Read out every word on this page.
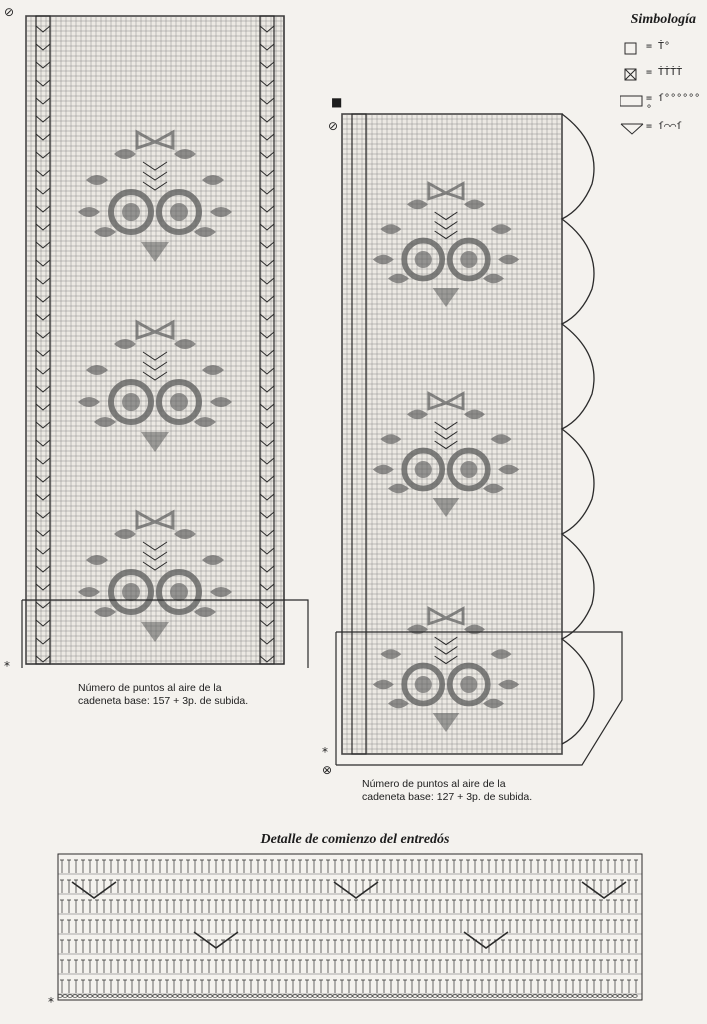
Simbología
= Ṫ°
= ṪṪṪṪ
= ſ°°°°°°°
= ſ⌒⌒ſ
⊘
*
Número de puntos al aire de la
cadeneta base: 157 + 3p. de subida.
■
⊘
*
⊗
Número de puntos al aire de la
cadeneta base: 127 + 3p. de subida.
Detalle de comienzo del entredós
*
